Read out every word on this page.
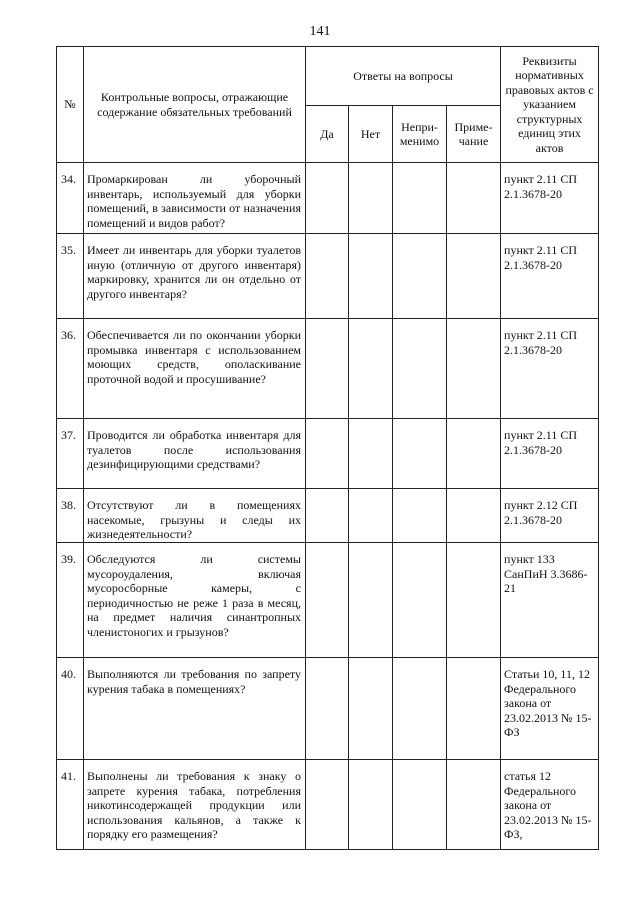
141
№	Контрольные вопросы, отражающие содержание обязательных требований	Ответы на вопросы				Реквизиты нормативных правовых актов с указанием структурных единиц этих актов
		Да	Нет	Непри-менимо	Приме-чание	
34.	Промаркирован ли уборочный инвентарь, используемый для уборки помещений, в зависимости от назначения помещений и видов работ?					пункт 2.11 СП 2.1.3678-20
35.	Имеет ли инвентарь для уборки туалетов иную (отличную от другого инвентаря) маркировку, хранится ли он отдельно от другого инвентаря?					пункт 2.11 СП 2.1.3678-20
36.	Обеспечивается ли по окончании уборки промывка инвентаря с использованием моющих средств, ополаскивание проточной водой и просушивание?					пункт 2.11 СП 2.1.3678-20
37.	Проводится ли обработка инвентаря для туалетов после использования дезинфицирующими средствами?					пункт 2.11 СП 2.1.3678-20
38.	Отсутствуют ли в помещениях насекомые, грызуны и следы их жизнедеятельности?					пункт 2.12 СП 2.1.3678-20
39.	Обследуются ли системы мусороудаления, включая мусоросборные камеры, с периодичностью не реже 1 раза в месяц, на предмет наличия синантропных членистоногих и грызунов?					пункт 133 СанПиН 3.3686-21
40.	Выполняются ли требования по запрету курения табака в помещениях?					Статьи 10, 11, 12 Федерального закона от 23.02.2013 № 15-ФЗ
41.	Выполнены ли требования к знаку о запрете курения табака, потребления никотинсодержащей продукции или использования кальянов, а также к порядку его размещения?					статья 12 Федерального закона от 23.02.2013 № 15-ФЗ,
